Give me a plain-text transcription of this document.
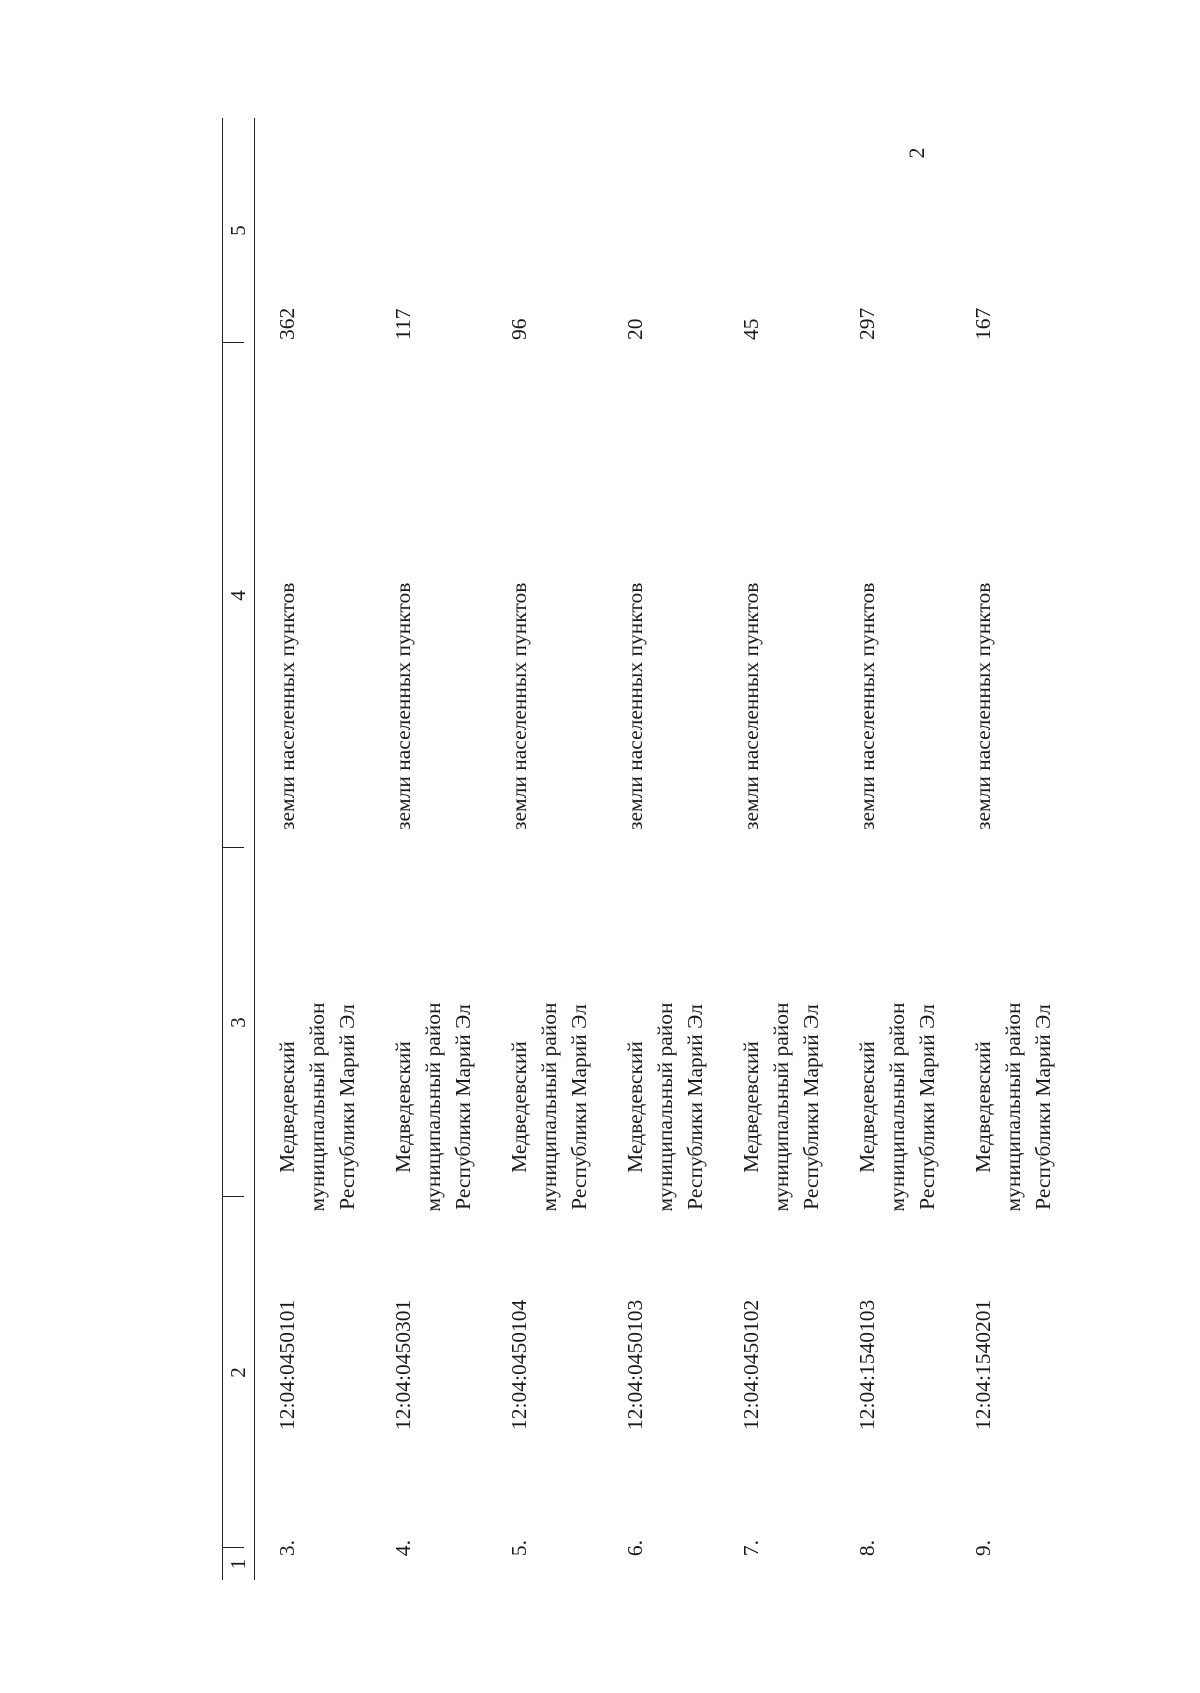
2
1
2
3
4
5
3.
12:04:0450101
Медведевский муниципальный район Республики Марий Эл
земли населенных пунктов
362
4.
12:04:0450301
Медведевский муниципальный район Республики Марий Эл
земли населенных пунктов
117
5.
12:04:0450104
Медведевский муниципальный район Республики Марий Эл
земли населенных пунктов
96
6.
12:04:0450103
Медведевский муниципальный район Республики Марий Эл
земли населенных пунктов
20
7.
12:04:0450102
Медведевский муниципальный район Республики Марий Эл
земли населенных пунктов
45
8.
12:04:1540103
Медведевский муниципальный район Республики Марий Эл
земли населенных пунктов
297
9.
12:04:1540201
Медведевский муниципальный район Республики Марий Эл
земли населенных пунктов
167
